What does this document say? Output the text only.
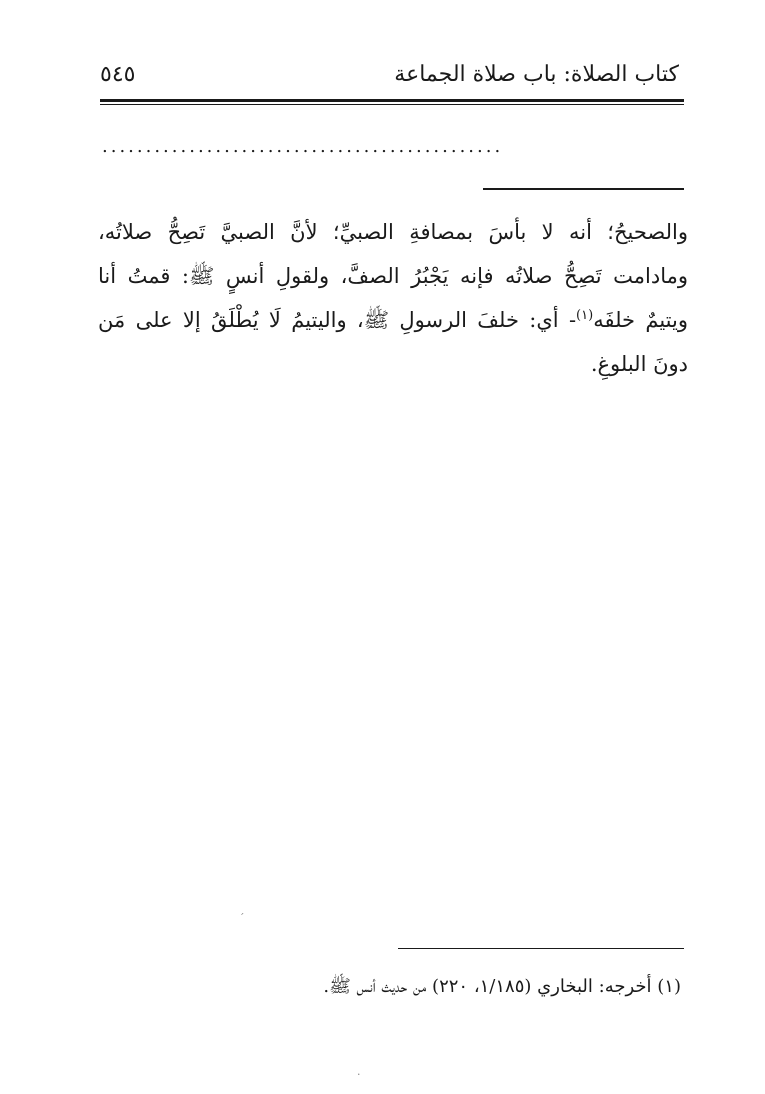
كتاب الصلاة: باب صلاة الجماعة
٥٤٥
..............................................

والصحيحُ؛ أنه لا بأسَ بمصافةِ الصبيِّ؛ لأنَّ الصبيَّ تَصِحُّ صلاتُه، ومادامت تَصِحُّ صلاتُه فإنه يَجْبُرُ الصفَّ، ولقولِ أنسٍ ﷺ: قمتُ أنا ويتيمٌ خلفَه$^{(١)}$- أي: خلفَ الرسولِ ﷺ، واليتيمُ لَا يُطْلَقُ إلا على مَن دونَ البلوغِ.

ˊ
(١) أخرجه: البخاري (١/١٨٥، ٢٢٠) من حديث أنس ﷺ.
·
